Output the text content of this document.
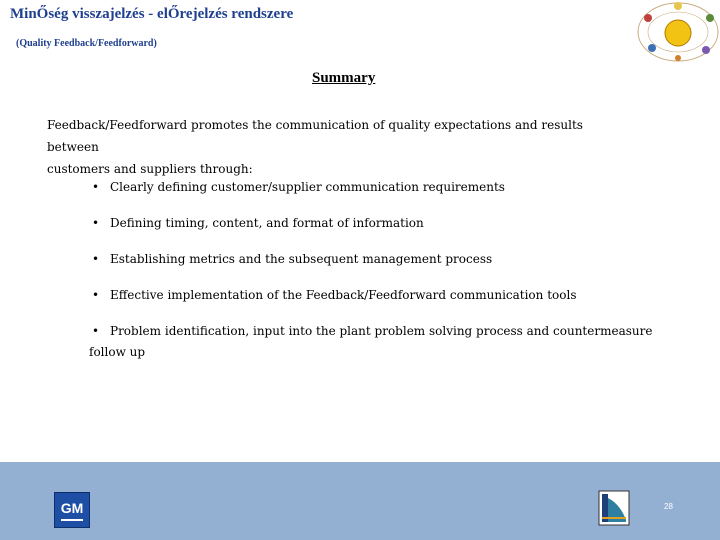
MinŐség visszajelzés - elŐrejelzés rendszere
(Quality Feedback/Feedforward)
Summary
Feedback/Feedforward promotes the communication of quality expectations and results between
customers and suppliers through:
• Clearly defining customer/supplier communication requirements
• Defining timing, content, and format of information
• Establishing metrics and the subsequent management process
• Effective implementation of the Feedback/Feedforward communication tools
• Problem identification, input into the plant problem solving process and countermeasure
follow up
GM	28
